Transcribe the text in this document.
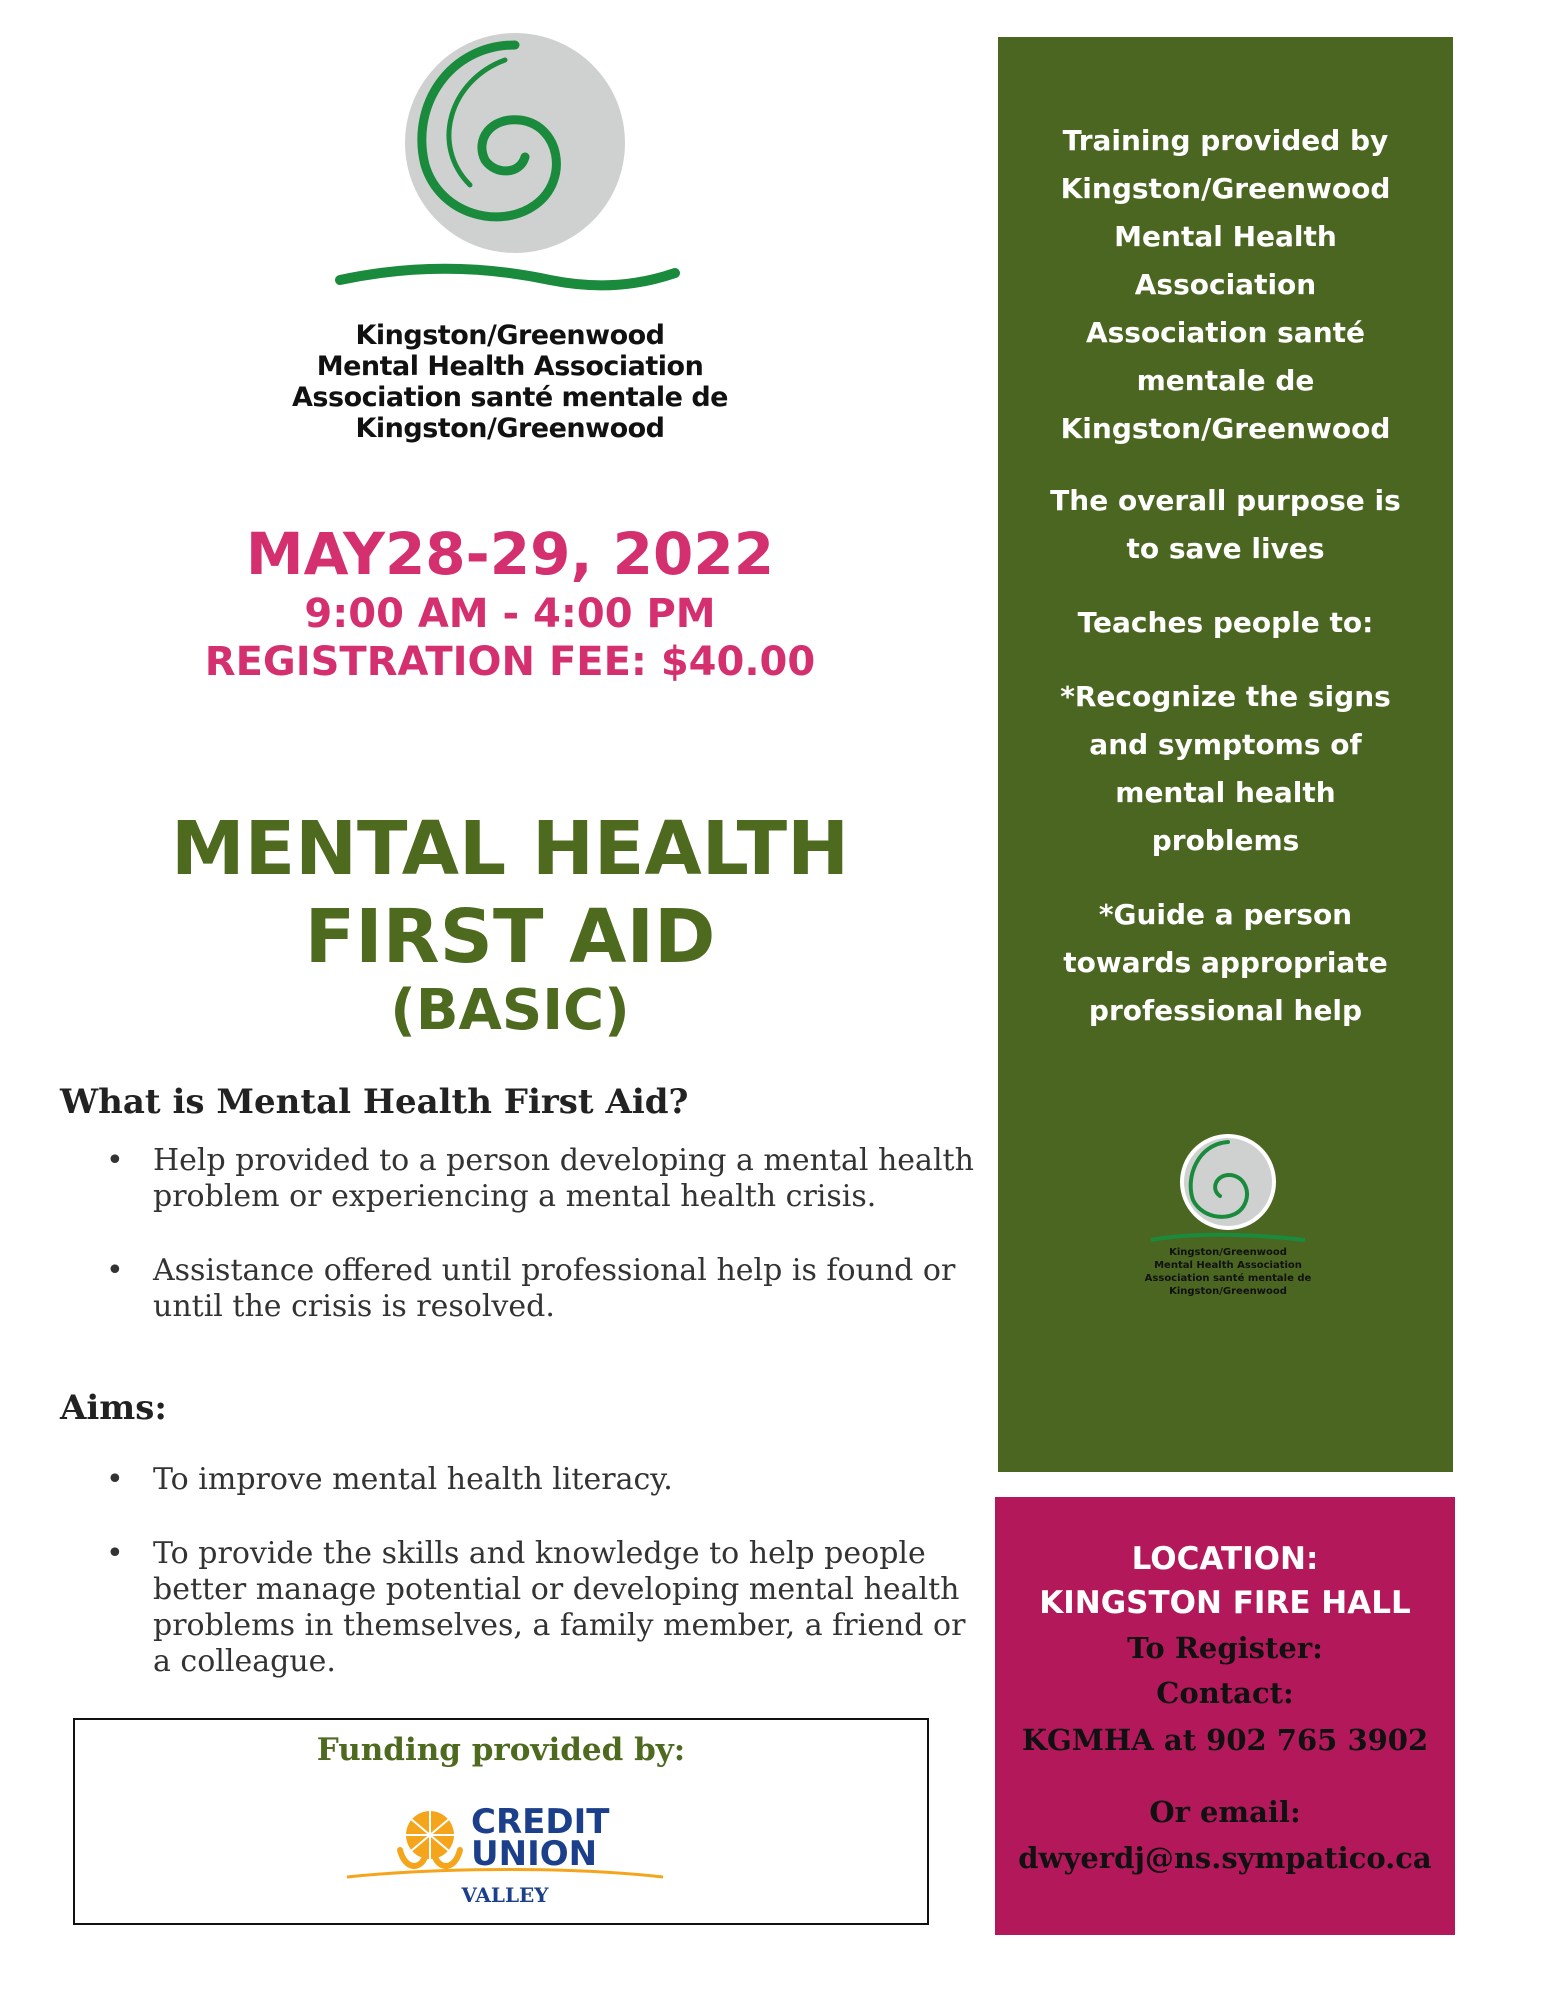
Kingston/Greenwood
Mental Health Association
Association santé mentale de
Kingston/Greenwood
MAY28-29, 2022
9:00 AM - 4:00 PM
REGISTRATION FEE: $40.00
MENTAL HEALTH
FIRST AID
(BASIC)
What is Mental Health First Aid?
• Help provided to a person developing a mental health problem or experiencing a mental health crisis.
• Assistance offered until professional help is found or until the crisis is resolved.
Aims:
• To improve mental health literacy.
• To provide the skills and knowledge to help people better manage potential or developing mental health problems in themselves, a family member, a friend or a colleague.
Funding provided by:
CREDIT
UNION
VALLEY
Training provided by
Kingston/Greenwood
Mental Health
Association
Association santé
mentale de
Kingston/Greenwood
The overall purpose is
to save lives
Teaches people to:
*Recognize the signs
and symptoms of
mental health
problems
*Guide a person
towards appropriate
professional help
Kingston/Greenwood
Mental Health Association
Association santé mentale de
Kingston/Greenwood
LOCATION:
KINGSTON FIRE HALL
To Register:
Contact:
KGMHA at 902 765 3902
Or email:
dwyerdj@ns.sympatico.ca
